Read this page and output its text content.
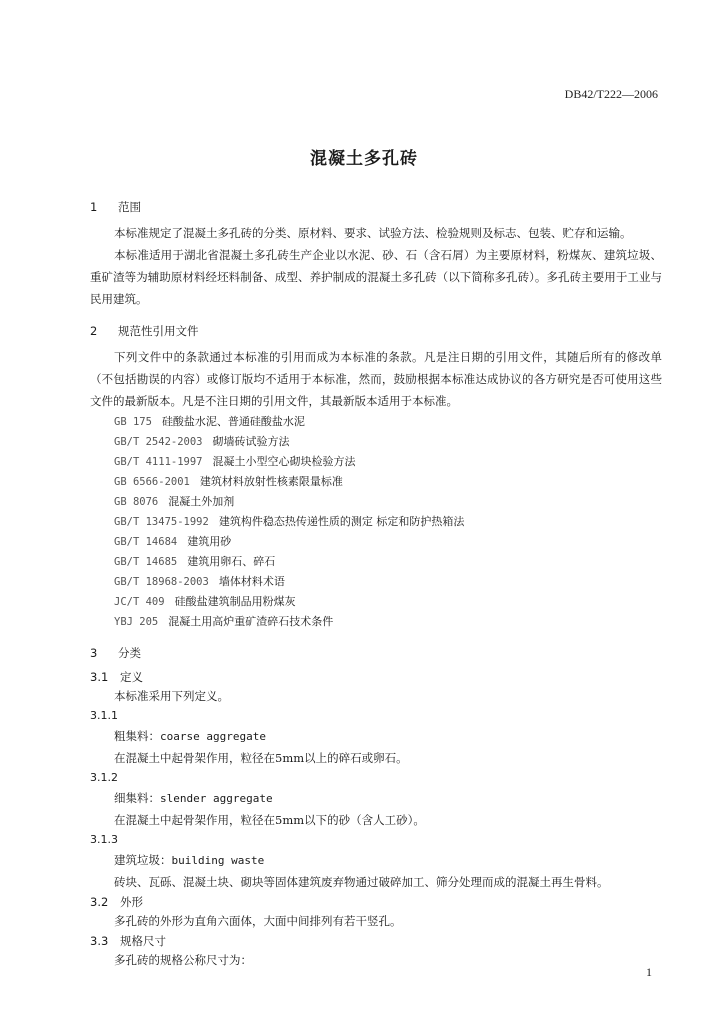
DB42/T222—2006
混凝土多孔砖
1 范围
本标准规定了混凝土多孔砖的分类、原材料、要求、试验方法、检验规则及标志、包装、贮存和运输。
本标准适用于湖北省混凝土多孔砖生产企业以水泥、砂、石（含石屑）为主要原材料，粉煤灰、建筑垃圾、重矿渣等为辅助原材料经坯料制备、成型、养护制成的混凝土多孔砖（以下简称多孔砖）。多孔砖主要用于工业与民用建筑。
2 规范性引用文件
下列文件中的条款通过本标准的引用而成为本标准的条款。凡是注日期的引用文件，其随后所有的修改单（不包括勘误的内容）或修订版均不适用于本标准，然而，鼓励根据本标准达成协议的各方研究是否可使用这些文件的最新版本。凡是不注日期的引用文件，其最新版本适用于本标准。
GB 175 硅酸盐水泥、普通硅酸盐水泥
GB/T 2542-2003 砌墙砖试验方法
GB/T 4111-1997 混凝土小型空心砌块检验方法
GB 6566-2001 建筑材料放射性核素限量标准
GB 8076 混凝土外加剂
GB/T 13475-1992 建筑构件稳态热传递性质的测定 标定和防护热箱法
GB/T 14684 建筑用砂
GB/T 14685 建筑用卵石、碎石
GB/T 18968-2003 墙体材料术语
JC/T 409 硅酸盐建筑制品用粉煤灰
YBJ 205 混凝土用高炉重矿渣碎石技术条件
3 分类
3.1 定义
本标准采用下列定义。
3.1.1
粗集料：coarse aggregate
在混凝土中起骨架作用，粒径在5mm以上的碎石或卵石。
3.1.2
细集料：slender aggregate
在混凝土中起骨架作用，粒径在5mm以下的砂（含人工砂）。
3.1.3
建筑垃圾：building waste
砖块、瓦砾、混凝土块、砌块等固体建筑废弃物通过破碎加工、筛分处理而成的混凝土再生骨料。
3.2 外形
多孔砖的外形为直角六面体，大面中间排列有若干竖孔。
3.3 规格尺寸
多孔砖的规格公称尺寸为：
1
